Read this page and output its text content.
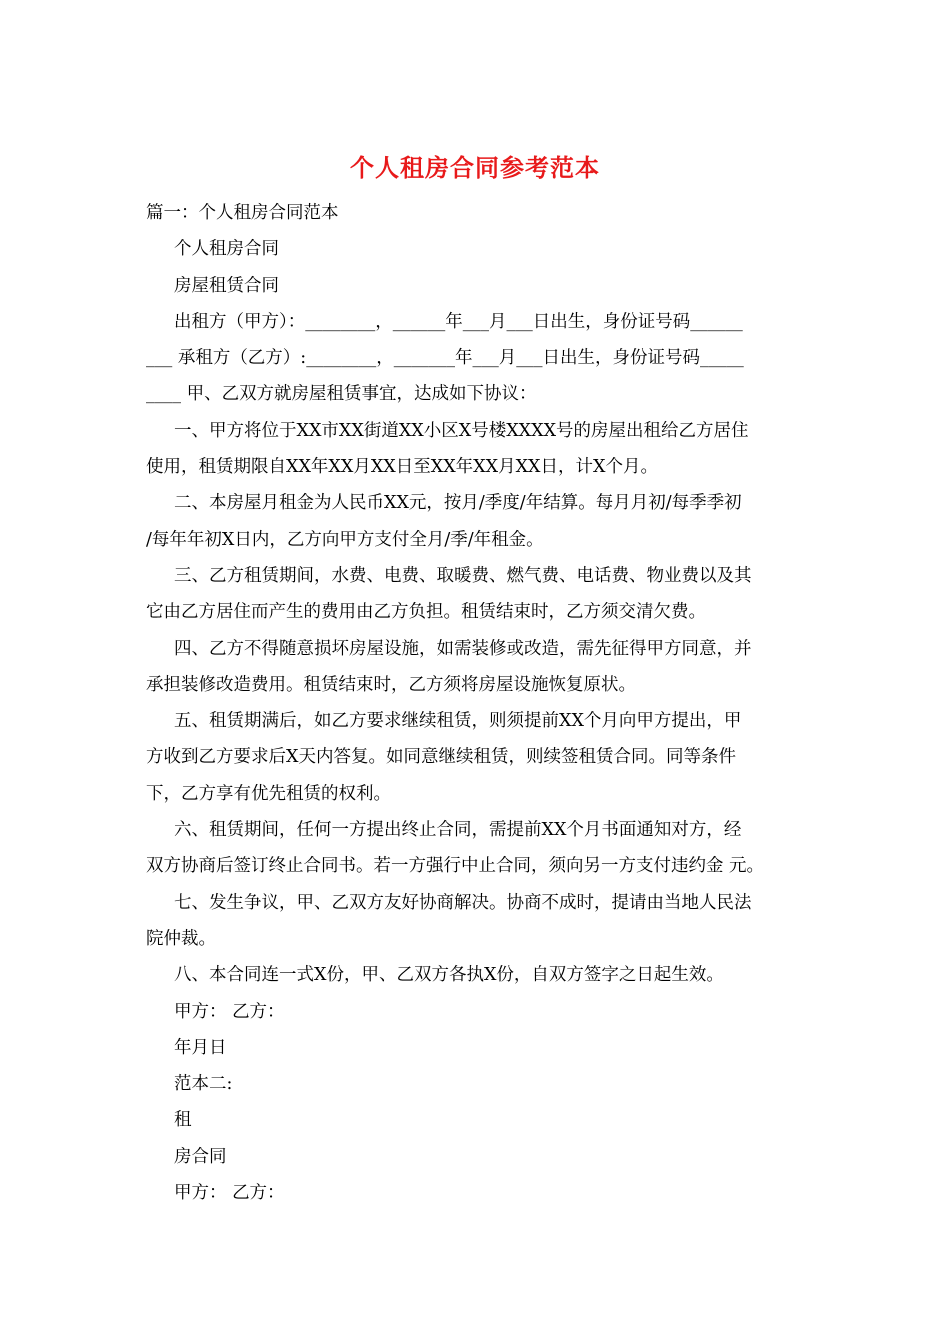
个人租房合同参考范本
篇一：个人租房合同范本
个人租房合同
房屋租赁合同
出租方（甲方）：________，______年___月___日出生，身份证号码______
___ 承租方（乙方）:________，_______年___月___日出生，身份证号码_____
____ 甲、乙双方就房屋租赁事宜，达成如下协议：
一、甲方将位于XX市XX街道XX小区X号楼XXXX号的房屋出租给乙方居住
使用，租赁期限自XX年XX月XX日至XX年XX月XX日，计X个月。
二、本房屋月租金为人民币XX元，按月/季度/年结算。每月月初/每季季初
/每年年初X日内，乙方向甲方支付全月/季/年租金。
三、乙方租赁期间，水费、电费、取暖费、燃气费、电话费、物业费以及其
它由乙方居住而产生的费用由乙方负担。租赁结束时，乙方须交清欠费。
四、乙方不得随意损坏房屋设施，如需装修或改造，需先征得甲方同意，并
承担装修改造费用。租赁结束时，乙方须将房屋设施恢复原状。
五、租赁期满后，如乙方要求继续租赁，则须提前XX个月向甲方提出，甲
方收到乙方要求后X天内答复。如同意继续租赁，则续签租赁合同。同等条件
下，乙方享有优先租赁的权利。
六、租赁期间，任何一方提出终止合同，需提前XX个月书面通知对方，经
双方协商后签订终止合同书。若一方强行中止合同，须向另一方支付违约金 元。
七、发生争议，甲、乙双方友好协商解决。协商不成时，提请由当地人民法
院仲裁。
八、本合同连一式X份，甲、乙双方各执X份，自双方签字之日起生效。
甲方： 乙方：
年月日
范本二:
租
房合同
甲方： 乙方：
